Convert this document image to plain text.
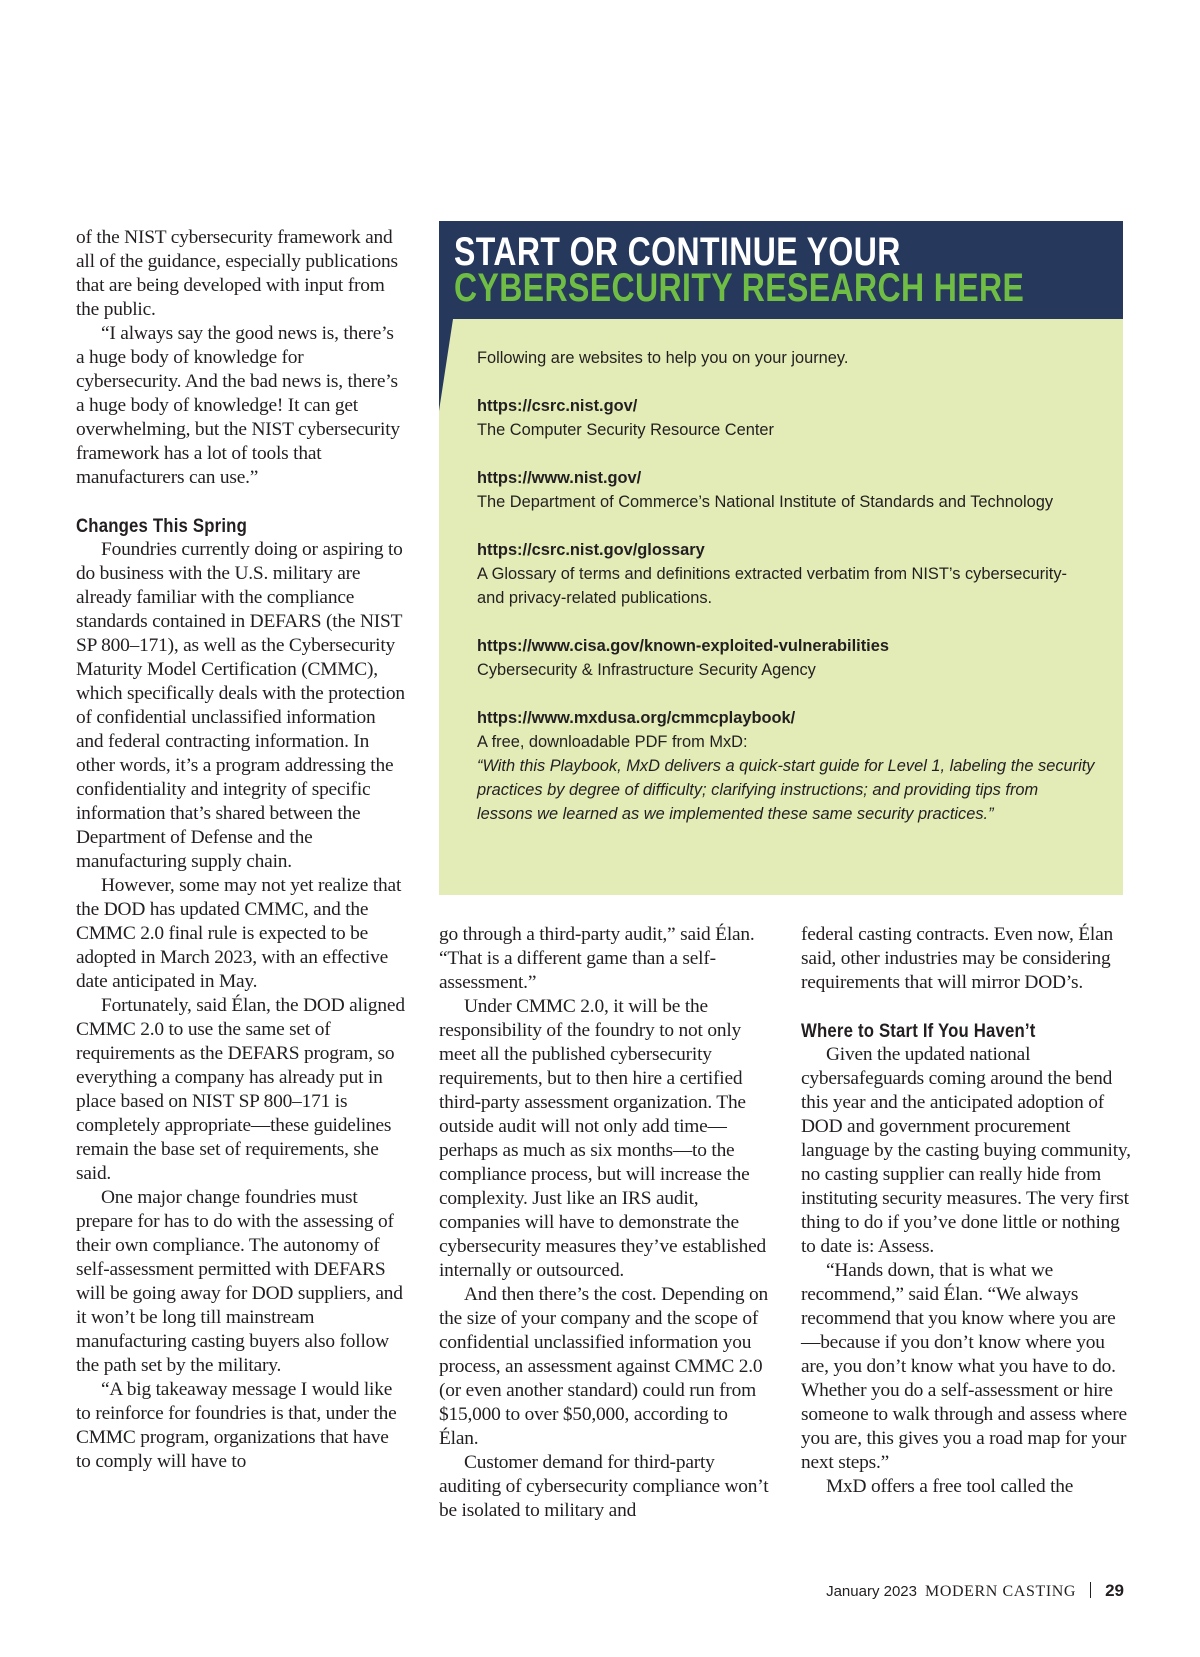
of the NIST cybersecurity framework and all of the guidance, especially publications that are being developed with input from the public.

“I always say the good news is, there’s a huge body of knowledge for cybersecurity. And the bad news is, there’s a huge body of knowledge! It can get overwhelming, but the NIST cybersecurity framework has a lot of tools that manufacturers can use.”

Changes This Spring

Foundries currently doing or aspiring to do business with the U.S. military are already familiar with the compliance standards contained in DEFARS (the NIST SP 800–171), as well as the Cybersecurity Maturity Model Certification (CMMC), which specifically deals with the protection of confidential unclassified information and federal contracting information. In other words, it’s a program addressing the confidentiality and integrity of specific information that’s shared between the Department of Defense and the manufacturing supply chain.

However, some may not yet realize that the DOD has updated CMMC, and the CMMC 2.0 final rule is expected to be adopted in March 2023, with an effective date anticipated in May.

Fortunately, said Élan, the DOD aligned CMMC 2.0 to use the same set of requirements as the DEFARS program, so everything a company has already put in place based on NIST SP 800–171 is completely appropriate—these guidelines remain the base set of requirements, she said.

One major change foundries must prepare for has to do with the assessing of their own compliance. The autonomy of self-assessment permitted with DEFARS will be going away for DOD suppliers, and it won’t be long till mainstream manufacturing casting buyers also follow the path set by the military.

“A big takeaway message I would like to reinforce for foundries is that, under the CMMC program, organizations that have to comply will have to

START OR CONTINUE YOUR
CYBERSECURITY RESEARCH HERE

Following are websites to help you on your journey.

https://csrc.nist.gov/
The Computer Security Resource Center
https://www.nist.gov/
The Department of Commerce’s National Institute of Standards and Technology
https://csrc.nist.gov/glossary
A Glossary of terms and definitions extracted verbatim from NIST’s cybersecurity- and privacy-related publications.
https://www.cisa.gov/known-exploited-vulnerabilities
Cybersecurity & Infrastructure Security Agency
https://www.mxdusa.org/cmmcplaybook/
A free, downloadable PDF from MxD:
“With this Playbook, MxD delivers a quick-start guide for Level 1, labeling the security practices by degree of difficulty; clarifying instructions; and providing tips from lessons we learned as we implemented these same security practices.”

go through a third-party audit,” said Élan. “That is a different game than a self-assessment.”

Under CMMC 2.0, it will be the responsibility of the foundry to not only meet all the published cybersecurity requirements, but to then hire a certified third-party assessment organization. The outside audit will not only add time—perhaps as much as six months—to the compliance process, but will increase the complexity. Just like an IRS audit, companies will have to demonstrate the cybersecurity measures they’ve established internally or outsourced.

And then there’s the cost. Depending on the size of your company and the scope of confidential unclassified information you process, an assessment against CMMC 2.0 (or even another standard) could run from $15,000 to over $50,000, according to Élan.

Customer demand for third-party auditing of cybersecurity compliance won’t be isolated to military and

federal casting contracts. Even now, Élan said, other industries may be considering requirements that will mirror DOD’s.

Where to Start If You Haven’t

Given the updated national cybersafeguards coming around the bend this year and the anticipated adoption of DOD and government procurement language by the casting buying community, no casting supplier can really hide from instituting security measures. The very first thing to do if you’ve done little or nothing to date is: Assess.

“Hands down, that is what we recommend,” said Élan. “We always recommend that you know where you are—because if you don’t know where you are, you don’t know what you have to do. Whether you do a self-assessment or hire someone to walk through and assess where you are, this gives you a road map for your next steps.”

MxD offers a free tool called the

January 2023 MODERN CASTING 29
